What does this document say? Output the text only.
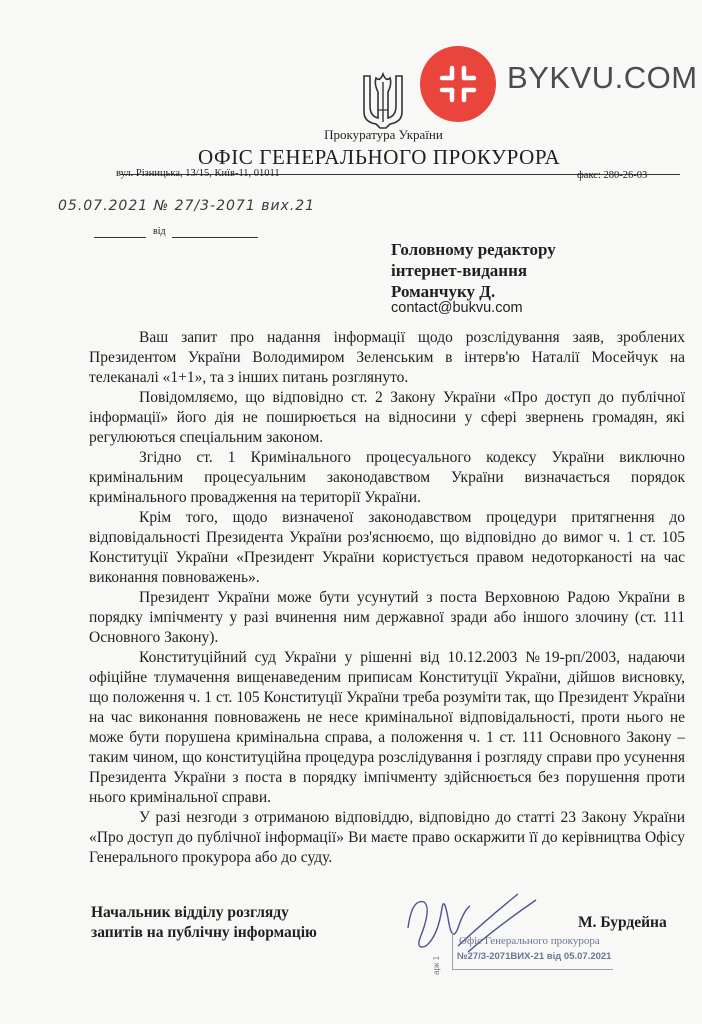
BYKVU.COM
Прокуратура України
ОФІС ГЕНЕРАЛЬНОГО ПРОКУРОРА
вул. Різницька, 13/15, Київ-11, 01011	факс: 280-26-03
05.07.2021 № 27/3-2071 вих.21
від
Головному редактору
інтернет-видання
Романчуку Д.
contact@bukvu.com

Ваш запит про надання інформації щодо розслідування заяв, зроблених Президентом України Володимиром Зеленським в інтерв'ю Наталії Мосейчук на телеканалі «1+1», та з інших питань розглянуто.

Повідомляємо, що відповідно ст. 2 Закону України «Про доступ до публічної інформації» його дія не поширюється на відносини у сфері звернень громадян, які регулюються спеціальним законом.

Згідно ст. 1 Кримінального процесуального кодексу України виключно кримінальним процесуальним законодавством України визначається порядок кримінального провадження на території України.

Крім того, щодо визначеної законодавством процедури притягнення до відповідальності Президента України роз'яснюємо, що відповідно до вимог ч. 1 ст. 105 Конституції України «Президент України користується правом недоторканості на час виконання повноважень».

Президент України може бути усунутий з поста Верховною Радою України в порядку імпічменту у разі вчинення ним державної зради або іншого злочину (ст. 111 Основного Закону).

Конституційний суд України у рішенні від 10.12.2003 №19-рп/2003, надаючи офіційне тлумачення вищенаведеним приписам Конституції України, дійшов висновку, що положення ч. 1 ст. 105 Конституції України треба розуміти так, що Президент України на час виконання повноважень не несе кримінальної відповідальності, проти нього не може бути порушена кримінальна справа, а положення ч. 1 ст. 111 Основного Закону – таким чином, що конституційна процедура розслідування і розгляду справи про усунення Президента України з поста в порядку імпічменту здійснюється без порушення проти нього кримінальної справи.

У разі незгоди з отриманою відповіддю, відповідно до статті 23 Закону України «Про доступ до публічної інформації» Ви маєте право оскаржити її до керівництва Офісу Генерального прокурора або до суду.

Начальник відділу розгляду
запитів на публічну інформацію
М. Бурдейна
Офіс Генерального прокурора
№27/3-2071ВИХ-21 від 05.07.2021
арк 1
